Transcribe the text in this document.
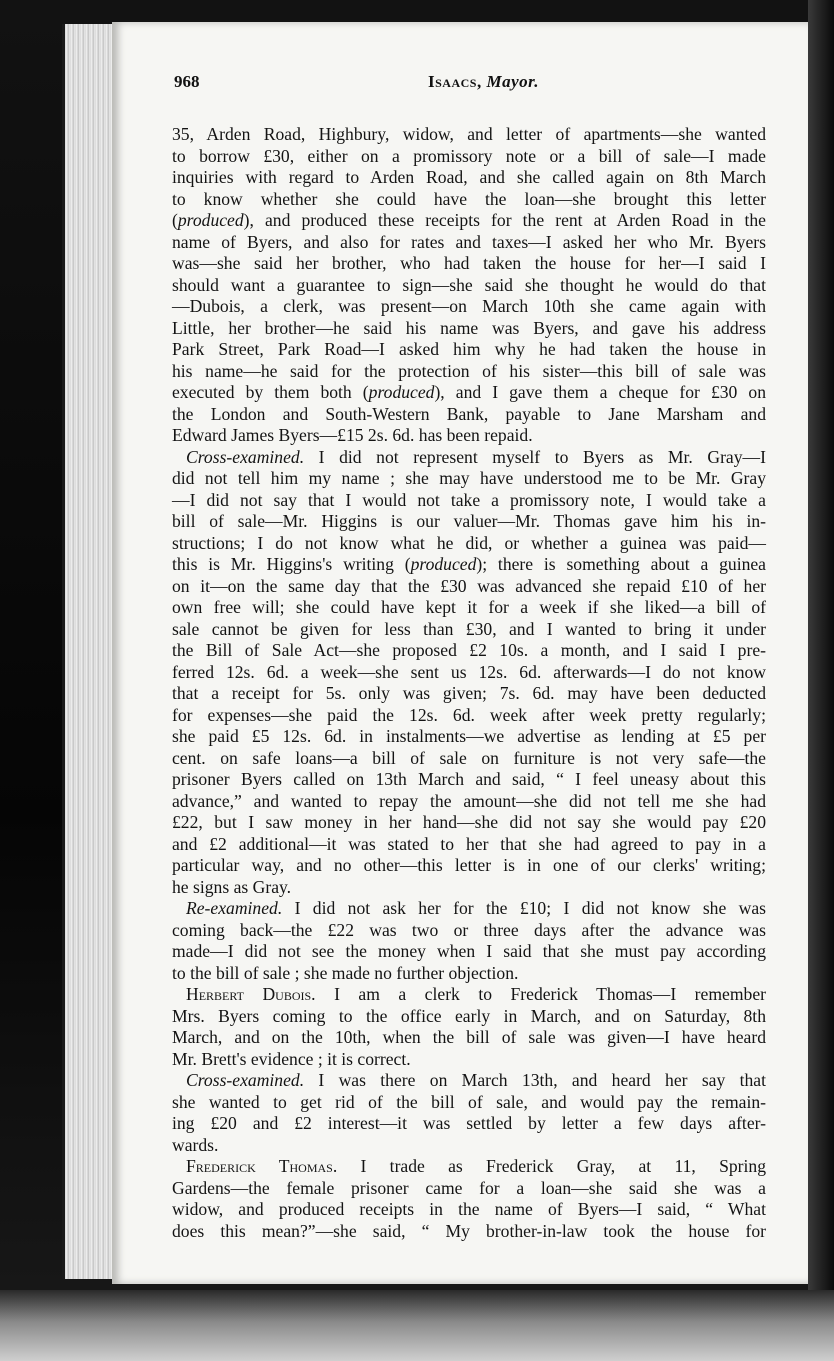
968	Isaacs, Mayor.
35, Arden Road, Highbury, widow, and letter of apartments—she wanted
to borrow £30, either on a promissory note or a bill of sale—I made
inquiries with regard to Arden Road, and she called again on 8th March
to know whether she could have the loan—she brought this letter
(produced), and produced these receipts for the rent at Arden Road in the
name of Byers, and also for rates and taxes—I asked her who Mr. Byers
was—she said her brother, who had taken the house for her—I said I
should want a guarantee to sign—she said she thought he would do that
—Dubois, a clerk, was present—on March 10th she came again with
Little, her brother—he said his name was Byers, and gave his address
Park Street, Park Road—I asked him why he had taken the house in
his name—he said for the protection of his sister—this bill of sale was
executed by them both (produced), and I gave them a cheque for £30 on
the London and South-Western Bank, payable to Jane Marsham and
Edward James Byers—£15 2s. 6d. has been repaid.
Cross-examined. I did not represent myself to Byers as Mr. Gray—I
did not tell him my name ; she may have understood me to be Mr. Gray
—I did not say that I would not take a promissory note, I would take a
bill of sale—Mr. Higgins is our valuer—Mr. Thomas gave him his in-
structions; I do not know what he did, or whether a guinea was paid—
this is Mr. Higgins's writing (produced); there is something about a guinea
on it—on the same day that the £30 was advanced she repaid £10 of her
own free will; she could have kept it for a week if she liked—a bill of
sale cannot be given for less than £30, and I wanted to bring it under
the Bill of Sale Act—she proposed £2 10s. a month, and I said I pre-
ferred 12s. 6d. a week—she sent us 12s. 6d. afterwards—I do not know
that a receipt for 5s. only was given; 7s. 6d. may have been deducted
for expenses—she paid the 12s. 6d. week after week pretty regularly;
she paid £5 12s. 6d. in instalments—we advertise as lending at £5 per
cent. on safe loans—a bill of sale on furniture is not very safe—the
prisoner Byers called on 13th March and said, “ I feel uneasy about this
advance,” and wanted to repay the amount—she did not tell me she had
£22, but I saw money in her hand—she did not say she would pay £20
and £2 additional—it was stated to her that she had agreed to pay in a
particular way, and no other—this letter is in one of our clerks' writing;
he signs as Gray.
Re-examined. I did not ask her for the £10; I did not know she was
coming back—the £22 was two or three days after the advance was
made—I did not see the money when I said that she must pay according
to the bill of sale ; she made no further objection.
Herbert Dubois. I am a clerk to Frederick Thomas—I remember
Mrs. Byers coming to the office early in March, and on Saturday, 8th
March, and on the 10th, when the bill of sale was given—I have heard
Mr. Brett's evidence ; it is correct.
Cross-examined. I was there on March 13th, and heard her say that
she wanted to get rid of the bill of sale, and would pay the remain-
ing £20 and £2 interest—it was settled by letter a few days after-
wards.
Frederick Thomas. I trade as Frederick Gray, at 11, Spring
Gardens—the female prisoner came for a loan—she said she was a
widow, and produced receipts in the name of Byers—I said, “ What
does this mean?”—she said, “ My brother-in-law took the house for
